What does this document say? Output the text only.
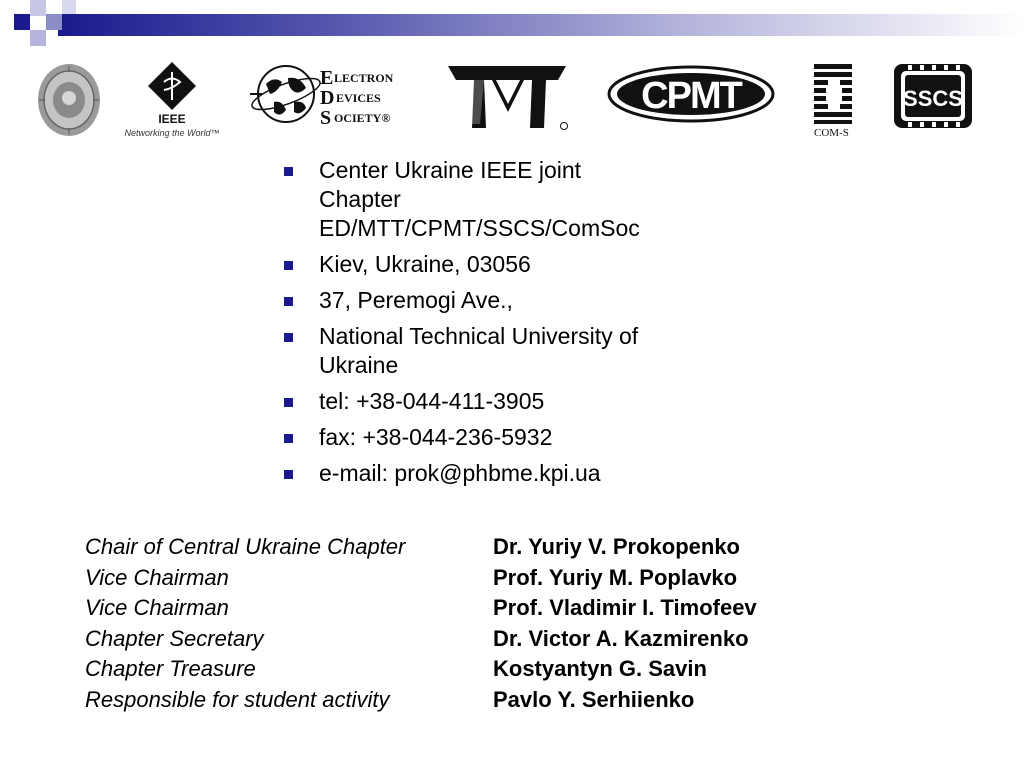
IEEE
Networking the World™
E LECTRON
D EVICES
S OCIETY®
CPMT
COM-S
SSCS
Center Ukraine IEEE joint
Chapter
ED/MTT/CPMT/SSCS/ComSoc
Kiev, Ukraine, 03056
37, Peremogi Ave.,
National Technical University of
Ukraine
tel: +38-044-411-3905
fax: +38-044-236-5932
e-mail: prok@phbme.kpi.ua
Chair of Central Ukraine Chapter	Dr. Yuriy V. Prokopenko
Vice Chairman	Prof. Yuriy M. Poplavko
Vice Chairman	Prof. Vladimir I. Timofeev
Chapter Secretary	Dr. Victor A. Kazmirenko
Chapter Treasure	Kostyantyn G. Savin
Responsible for student activity	Pavlo Y. Serhiienko
